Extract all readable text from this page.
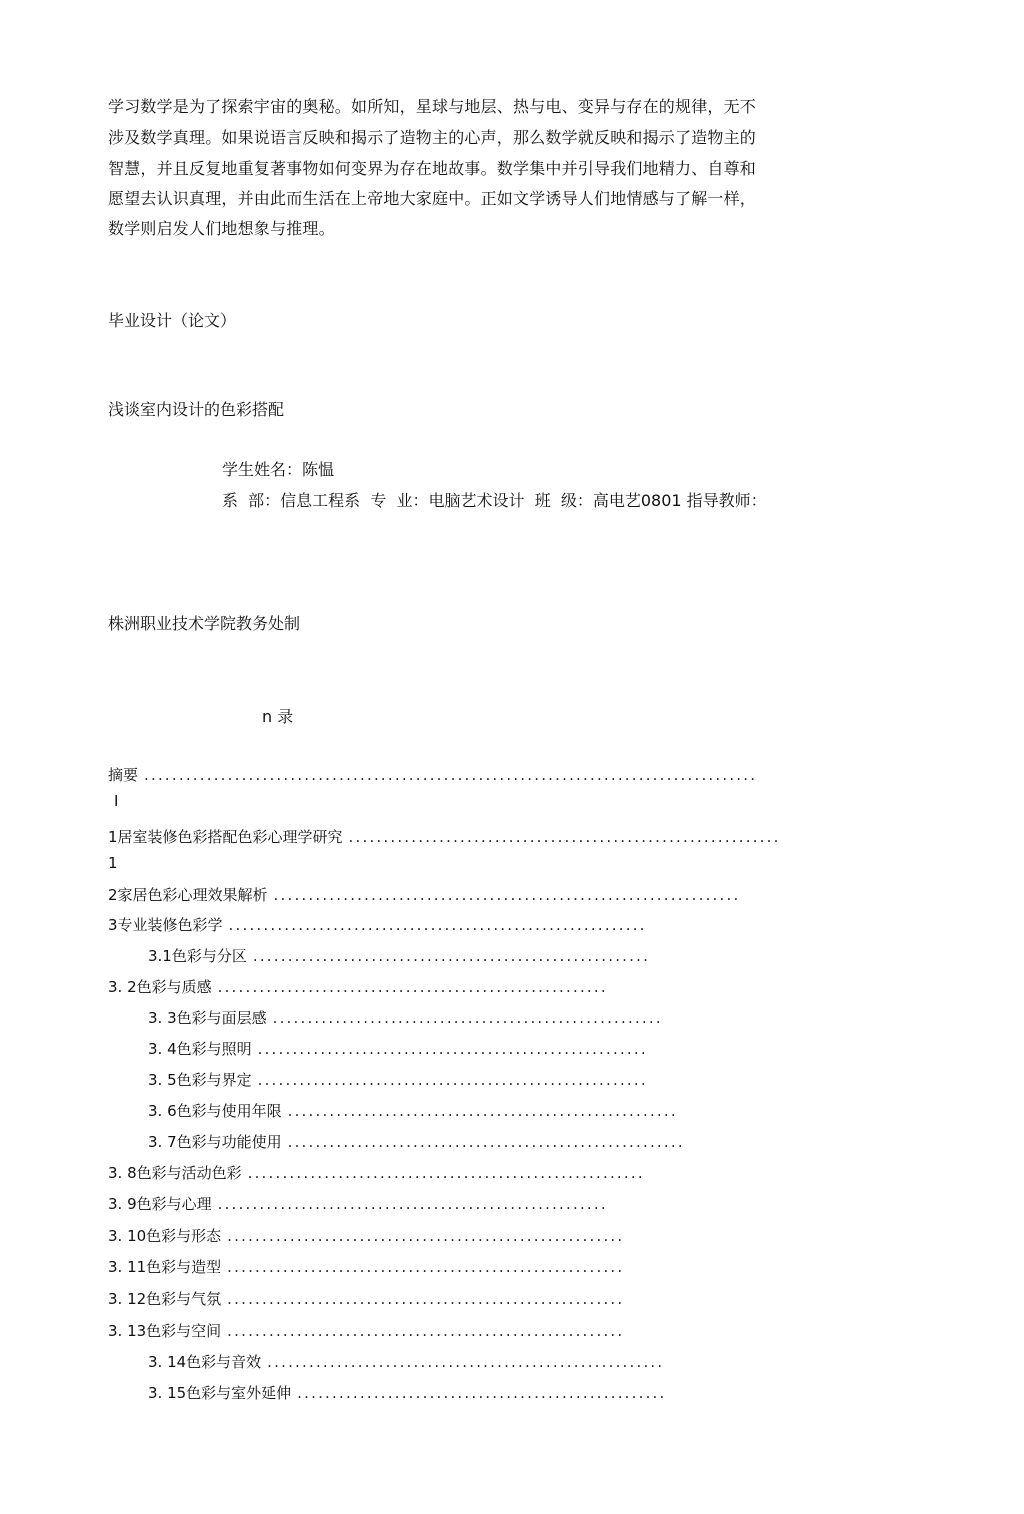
学习数学是为了探索宇宙的奥秘。如所知，星球与地层、热与电、变异与存在的规律，无不
涉及数学真理。如果说语言反映和揭示了造物主的心声，那么数学就反映和揭示了造物主的
智慧，并且反复地重复著事物如何变界为存在地故事。数学集中并引导我们地精力、自尊和
愿望去认识真理，并由此而生活在上帝地大家庭中。正如文学诱导人们地情感与了解一样，
数学则启发人们地想象与推理。
毕业设计（论文）
浅谈室内设计的色彩搭配
学生姓名：陈愠
系  部：信息工程系  专  业：电脑艺术设计  班  级：高电艺0801 指导教师：
株洲职业技术学院教务处制
n 录
摘要 ........................................................................................
I
1居室装修色彩搭配色彩心理学研究 ..............................................................
1
2家居色彩心理效果解析 ...................................................................
3专业装修色彩学 ............................................................
3.1色彩与分区 .........................................................
3. 2色彩与质感 ........................................................
3. 3色彩与面层感 ........................................................
3. 4色彩与照明 ........................................................
3. 5色彩与界定 ........................................................
3. 6色彩与使用年限 ........................................................
3. 7色彩与功能使用 .........................................................
3. 8色彩与活动色彩 .........................................................
3. 9色彩与心理 ........................................................
3. 10色彩与形态 .........................................................
3. 11色彩与造型 .........................................................
3. 12色彩与气氛 .........................................................
3. 13色彩与空间 .........................................................
3. 14色彩与音效 .........................................................
3. 15色彩与室外延伸 .....................................................
